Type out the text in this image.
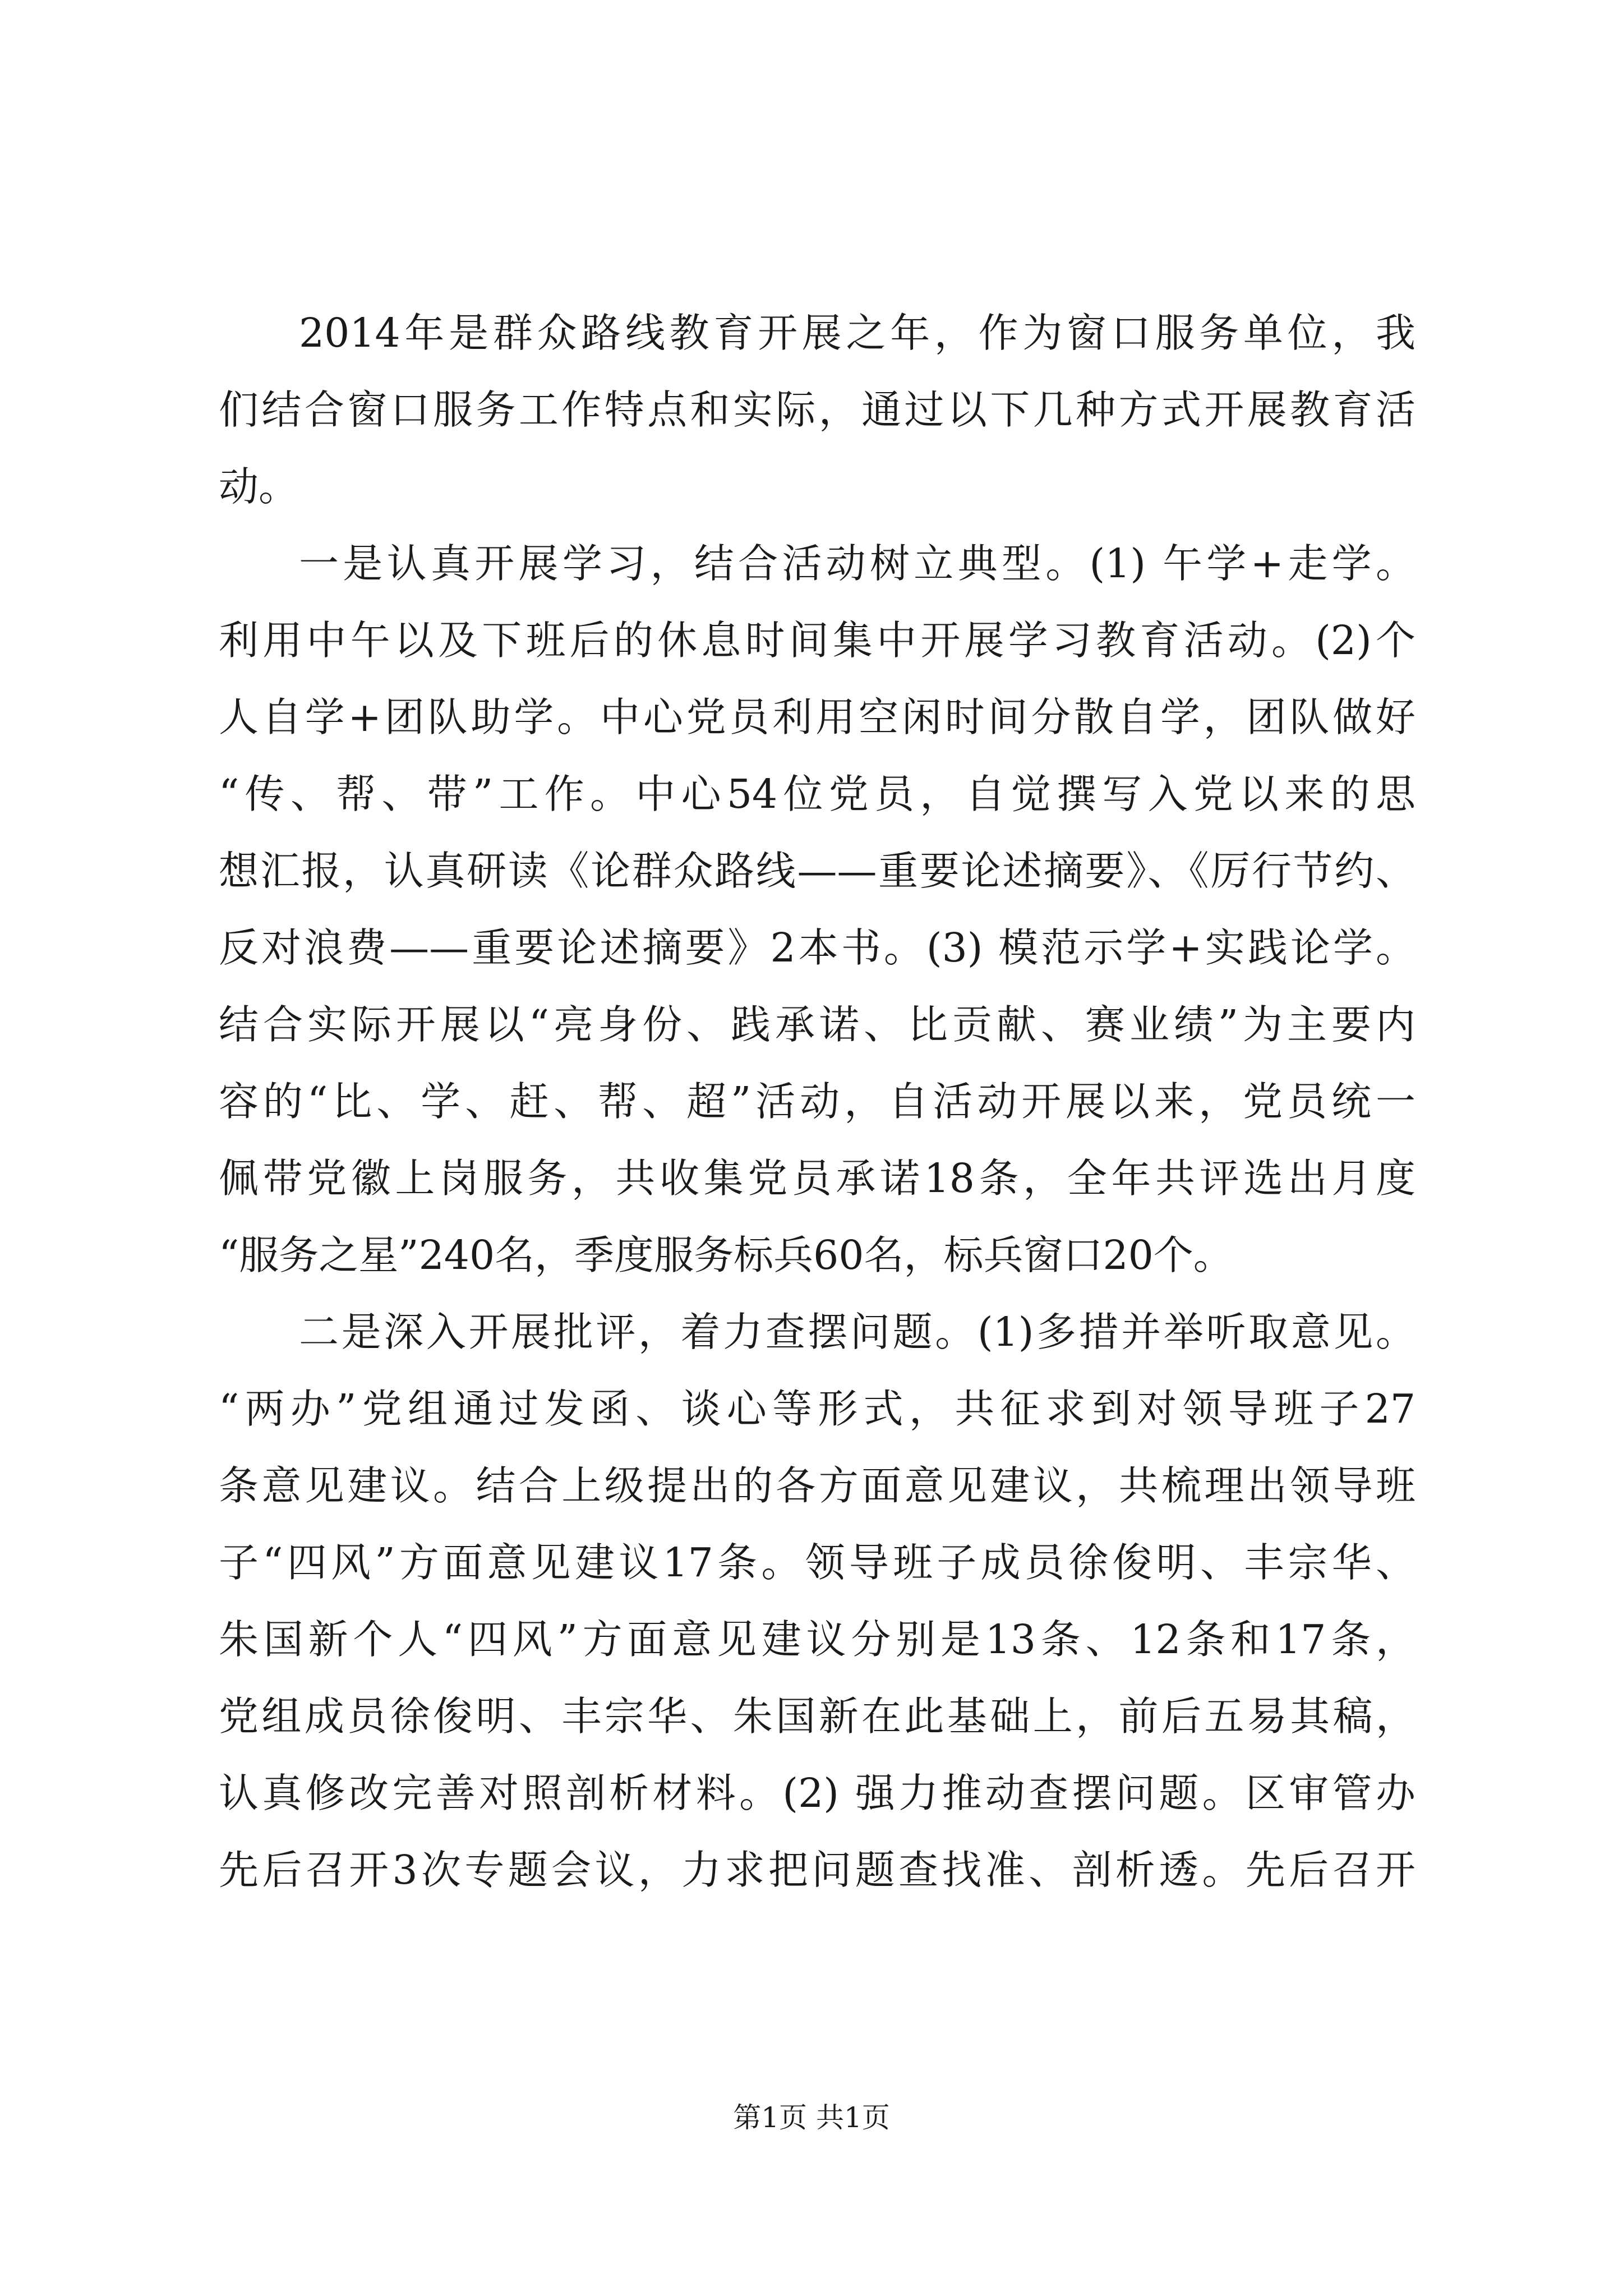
2014年是群众路线教育开展之年，作为窗口服务单位，我

们结合窗口服务工作特点和实际，通过以下几种方式开展教育活

动。

一是认真开展学习，结合活动树立典型。(1) 午学+走学。

利用中午以及下班后的休息时间集中开展学习教育活动。(2)个

人自学+团队助学。中心党员利用空闲时间分散自学，团队做好

“传、帮、带”工作。中心54位党员，自觉撰写入党以来的思

想汇报，认真研读《论群众路线——重要论述摘要》、《厉行节约、

反对浪费——重要论述摘要》2本书。(3) 模范示学+实践论学。

结合实际开展以“亮身份、践承诺、比贡献、赛业绩”为主要内

容的“比、学、赶、帮、超”活动，自活动开展以来，党员统一

佩带党徽上岗服务，共收集党员承诺18条，全年共评选出月度

“服务之星”240名，季度服务标兵60名，标兵窗口20个。

二是深入开展批评，着力查摆问题。(1)多措并举听取意见。

“两办”党组通过发函、谈心等形式，共征求到对领导班子27

条意见建议。结合上级提出的各方面意见建议，共梳理出领导班

子“四风”方面意见建议17条。领导班子成员徐俊明、丰宗华、

朱国新个人“四风”方面意见建议分别是13条、12条和17条，

党组成员徐俊明、丰宗华、朱国新在此基础上，前后五易其稿，

认真修改完善对照剖析材料。(2) 强力推动查摆问题。区审管办

先后召开3次专题会议，力求把问题查找准、剖析透。先后召开

第1页 共1页
